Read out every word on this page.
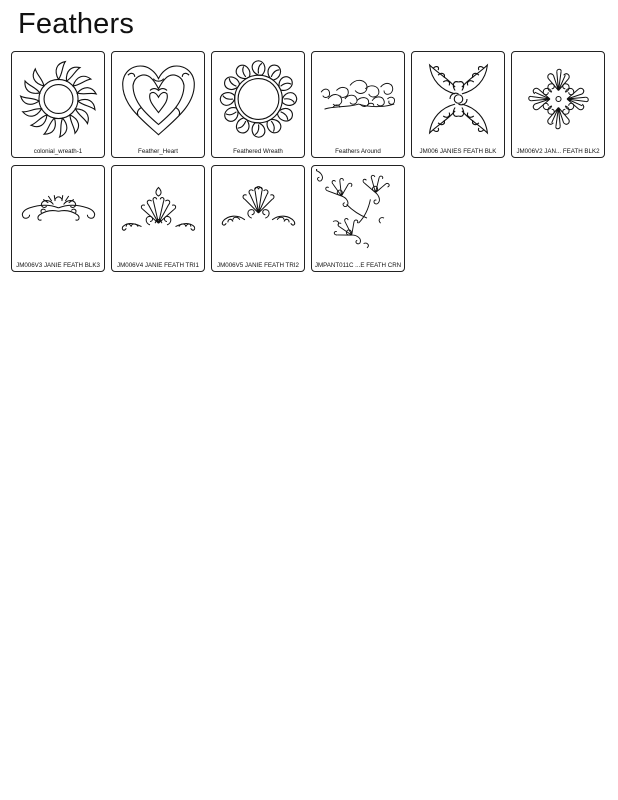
Feathers
colonial_wreath-1	Feather_Heart	Feathered Wreath	Feathers Around	JM006 JANIES FEATH BLK	JM006V2 JAN... FEATH BLK2
JM006V3 JANIE FEATH BLK3	JM006V4 JANIE FEATH TRI1	JM006V5 JANIE FEATH TRI2	JMPANT011C ...E FEATH CRN
